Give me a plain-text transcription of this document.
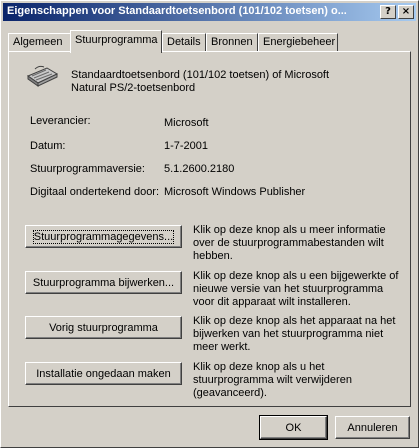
Eigenschappen voor Standaardtoetsenbord (101/102 toetsen) o...	?	×
Algemeen	Stuurprogramma Details Bronnen Energiebeheer
Standaardtoetsenbord (101/102 toetsen) of Microsoft
Natural PS/2-toetsenbord
Leverancier:	Microsoft
Datum:	1-7-2001
Stuurprogrammaversie: 5.1.2600.2180
Digitaal ondertekend door: Microsoft Windows Publisher
Stuurprogrammagegevens...
Klik op deze knop als u meer informatie over de stuurprogrammabestanden wilt hebben.
Stuurprogramma bijwerken...
Klik op deze knop als u een bijgewerkte of nieuwe versie van het stuurprogramma voor dit apparaat wilt installeren.
Vorig stuurprogramma
Klik op deze knop als het apparaat na het bijwerken van het stuurprogramma niet meer werkt.
Installatie ongedaan maken
Klik op deze knop als u het stuurprogramma wilt verwijderen (geavanceerd).
OK	Annuleren
